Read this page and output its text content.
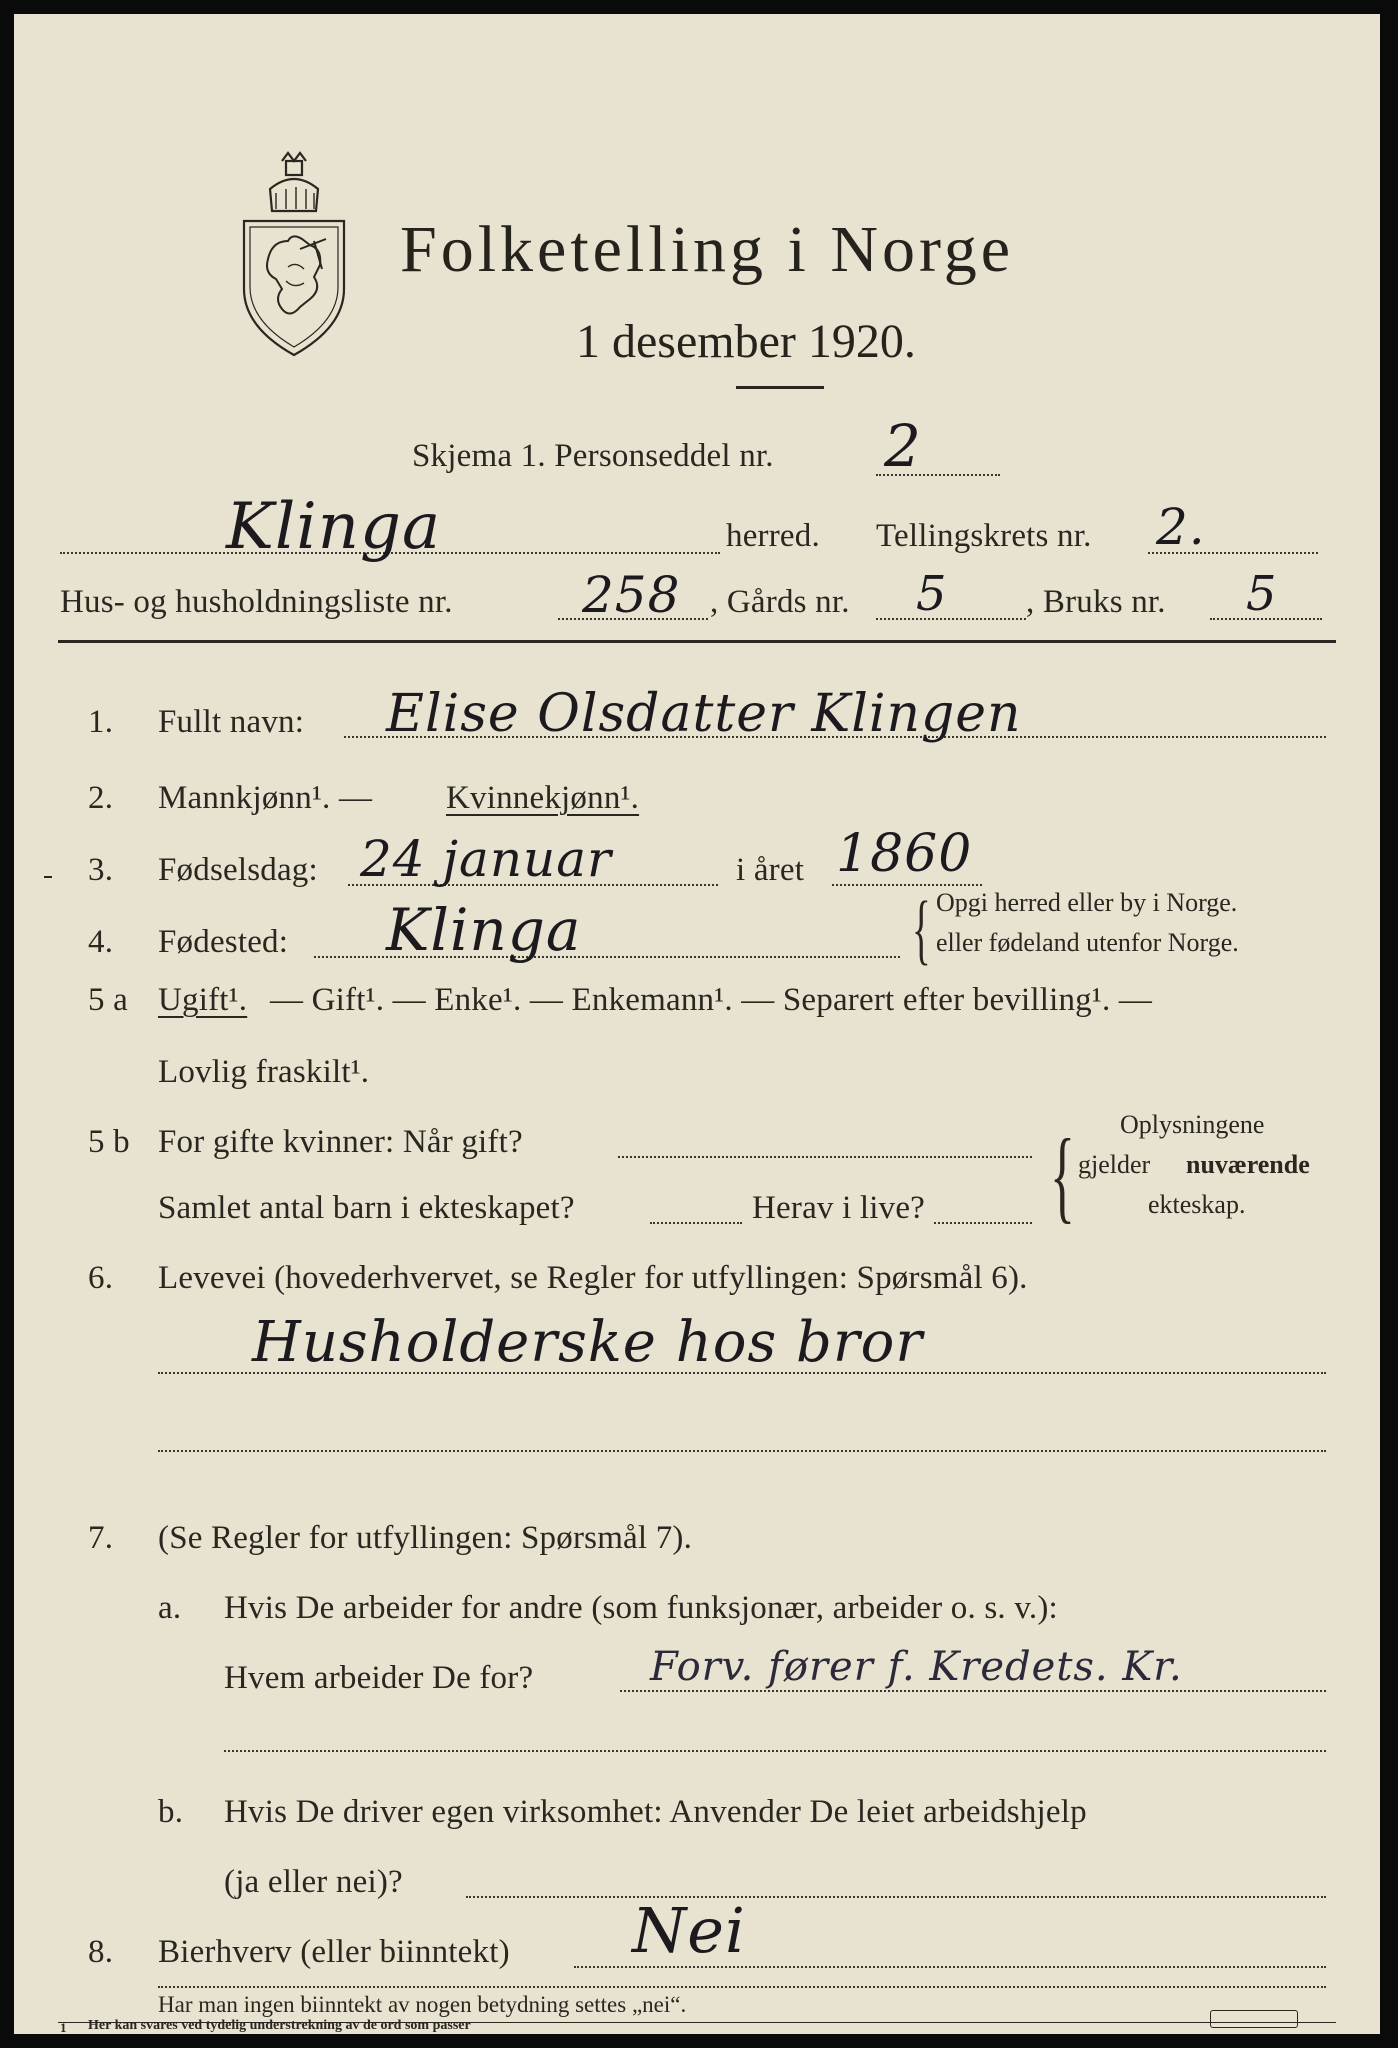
Folketelling i Norge
1 desember 1920.
Skjema 1. Personseddel nr. 2
Klinga	herred. Tellingskrets nr. 2.
Hus- og husholdningsliste nr.	258 , Gårds nr. 5 , Bruks nr. 5
1. Fullt navn: Elise Olsdatter Klingen
2. Mannkjønn¹. — Kvinnekjønn¹.
3. Fødselsdag: 24 januar	i året 1860
4. Fødested: Klinga	{ Opgi herred eller by i Norge.
eller fødeland utenfor Norge.
5 a Ugift¹. — Gift¹. — Enke¹. — Enkemann¹. — Separert efter bevilling¹. —
Lovlig fraskilt¹.
5 b For gifte kvinner: Når gift?
Samlet antal barn i ekteskapet?	Herav i live? { Oplysningene
gjelder nuværende
ekteskap.
6. Levevei (hovederhvervet, se Regler for utfyllingen: Spørsmål 6).
Husholderske hos bror
7. (Se Regler for utfyllingen: Spørsmål 7).
a. Hvis De arbeider for andre (som funksjonær, arbeider o. s. v.):
Hvem arbeider De for?	Forv. fører f. Kredets. Kr.
b. Hvis De driver egen virksomhet: Anvender De leiet arbeidshjelp
(ja eller nei)?
8. Bierhverv (eller biinntekt) Nei
Har man ingen biinntekt av nogen betydning settes „nei“.
1 Her kan svares ved tydelig understrekning av de ord som passer
